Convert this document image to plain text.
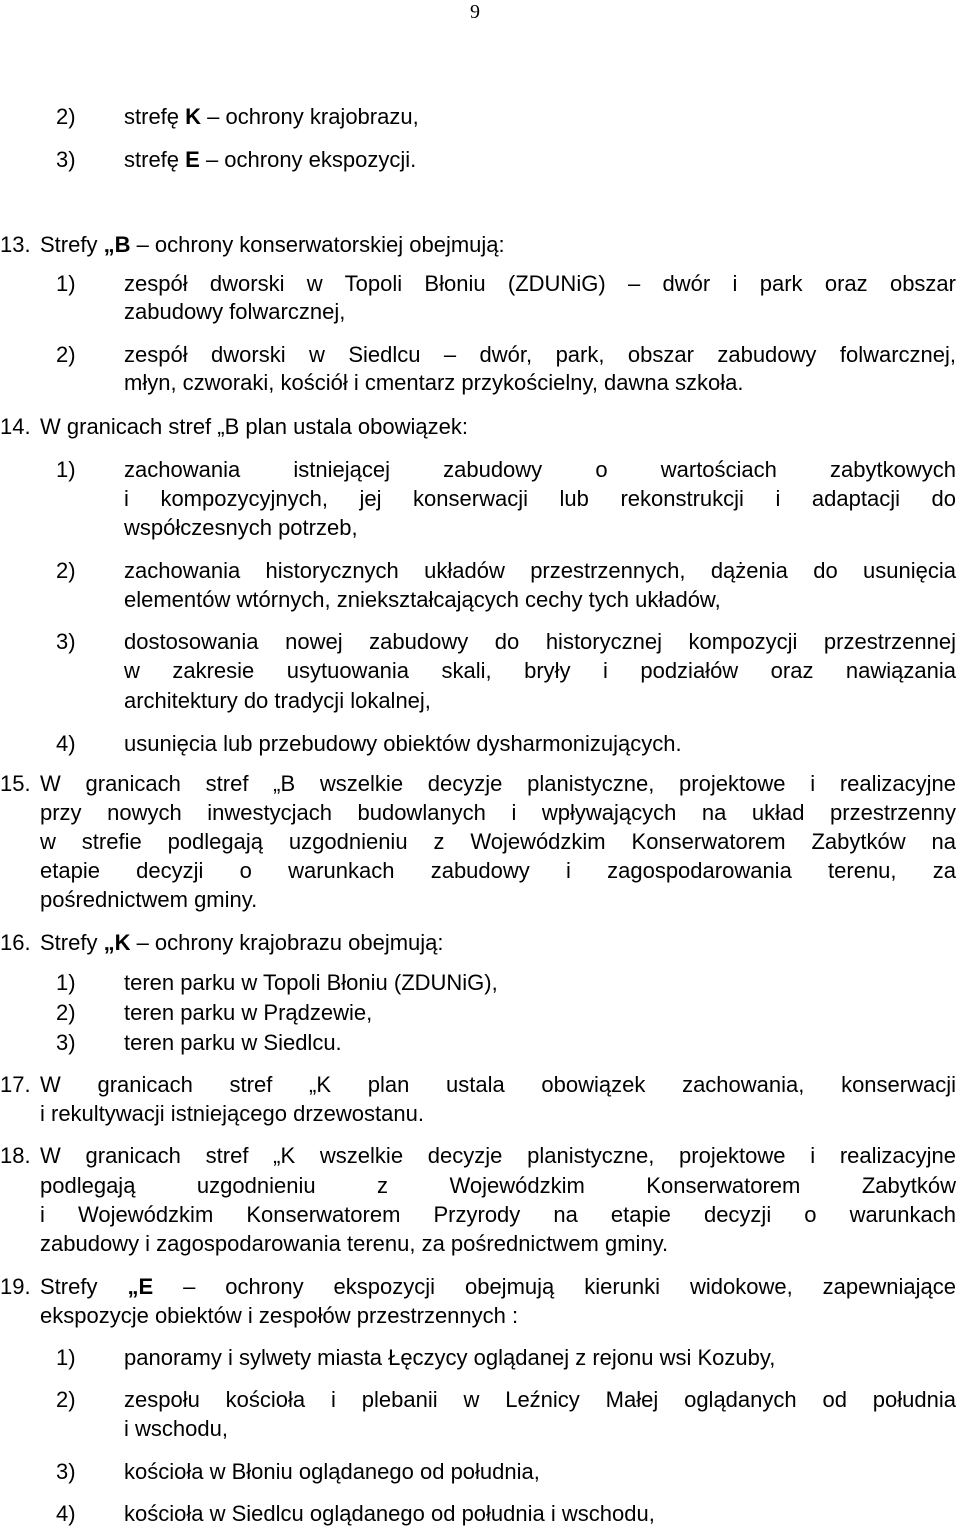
9
2) strefę K – ochrony krajobrazu,
3) strefę E – ochrony ekspozycji.
13. Strefy „B – ochrony konserwatorskiej obejmują:
1) zespół dworski w Topoli Błoniu (ZDUNiG) – dwór i park oraz obszar
zabudowy folwarcznej,
2) zespół dworski w Siedlcu – dwór, park, obszar zabudowy folwarcznej,
młyn, czworaki, kościół i cmentarz przykościelny, dawna szkoła.
14. W granicach stref „B plan ustala obowiązek:
1) zachowania istniejącej zabudowy o wartościach zabytkowych
i kompozycyjnych, jej konserwacji lub rekonstrukcji i adaptacji do
współczesnych potrzeb,
2) zachowania historycznych układów przestrzennych, dążenia do usunięcia
elementów wtórnych, zniekształcających cechy tych układów,
3) dostosowania nowej zabudowy do historycznej kompozycji przestrzennej
w zakresie usytuowania skali, bryły i podziałów oraz nawiązania
architektury do tradycji lokalnej,
4) usunięcia lub przebudowy obiektów dysharmonizujących.
15. W granicach stref „B wszelkie decyzje planistyczne, projektowe i realizacyjne
przy nowych inwestycjach budowlanych i wpływających na układ przestrzenny
w strefie podlegają uzgodnieniu z Wojewódzkim Konserwatorem Zabytków na
etapie decyzji o warunkach zabudowy i zagospodarowania terenu, za
pośrednictwem gminy.
16. Strefy „K – ochrony krajobrazu obejmują:
1) teren parku w Topoli Błoniu (ZDUNiG),
2) teren parku w Prądzewie,
3) teren parku w Siedlcu.
17. W granicach stref „K plan ustala obowiązek zachowania, konserwacji
i rekultywacji istniejącego drzewostanu.
18. W granicach stref „K wszelkie decyzje planistyczne, projektowe i realizacyjne
podlegają uzgodnieniu z Wojewódzkim Konserwatorem Zabytków
i Wojewódzkim Konserwatorem Przyrody na etapie decyzji o warunkach
zabudowy i zagospodarowania terenu, za pośrednictwem gminy.
19. Strefy „E – ochrony ekspozycji obejmują kierunki widokowe, zapewniające
ekspozycje obiektów i zespołów przestrzennych :
1) panoramy i sylwety miasta Łęczycy oglądanej z rejonu wsi Kozuby,
2) zespołu kościoła i plebanii w Leźnicy Małej oglądanych od południa
i wschodu,
3) kościoła w Błoniu oglądanego od południa,
4) kościoła w Siedlcu oglądanego od południa i wschodu,
